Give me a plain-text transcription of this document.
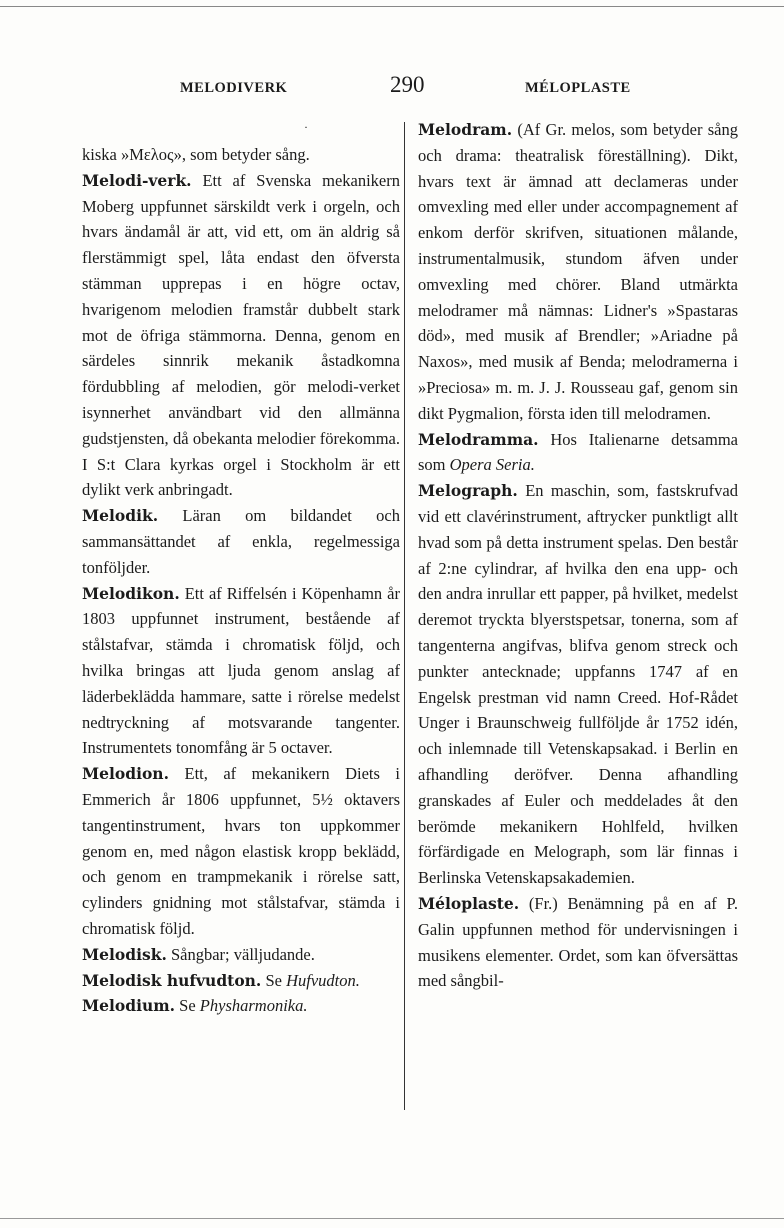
MELODIVERK	290	MÉLOPLASTE
·

kiska »Μελος», som betyder sång.

Melodi-verk. Ett af Svenska mekanikern Moberg uppfunnet särskildt verk i orgeln, och hvars ändamål är att, vid ett, om än aldrig så flerstämmigt spel, låta endast den öfversta stämman upprepas i en högre octav, hvarigenom melodien framstår dubbelt stark mot de öfriga stämmorna. Denna, genom en särdeles sinnrik mekanik åstadkomna fördubbling af melodien, gör melodi-verket isynnerhet användbart vid den allmänna gudstjensten, då obekanta melodier förekomma. I S:t Clara kyrkas orgel i Stockholm är ett dylikt verk anbringadt.

Melodik. Läran om bildandet och sammansättandet af enkla, regelmessiga tonföljder.

Melodikon. Ett af Riffelsén i Köpenhamn år 1803 uppfunnet instrument, bestående af stålstafvar, stämda i chromatisk följd, och hvilka bringas att ljuda genom anslag af läderbeklädda hammare, satte i rörelse medelst nedtryckning af motsvarande tangenter. Instrumentets tonomfång är 5 octaver.

Melodion. Ett, af mekanikern Diets i Emmerich år 1806 uppfunnet, 5½ oktavers tangentinstrument, hvars ton uppkommer genom en, med någon elastisk kropp beklädd, och genom en trampmekanik i rörelse satt, cylinders gnidning mot stålstafvar, stämda i chromatisk följd.

Melodisk. Sångbar; välljudande.

Melodisk hufvudton. Se Hufvudton.

Melodium. Se Physharmonika.

Melodram. (Af Gr. melos, som betyder sång och drama: theatralisk föreställning). Dikt, hvars text är ämnad att declameras under omvexling med eller under accompagnement af enkom derför skrifven, situationen målande, instrumentalmusik, stundom äfven under omvexling med chörer. Bland utmärkta melodramer må nämnas: Lidner's »Spastaras död», med musik af Brendler; »Ariadne på Naxos», med musik af Benda; melodramerna i »Preciosa» m. m. J. J. Rousseau gaf, genom sin dikt Pygmalion, första iden till melodramen.

Melodramma. Hos Italienarne detsamma som Opera Seria.

Melograph. En maschin, som, fastskrufvad vid ett clavérinstrument, aftrycker punktligt allt hvad som på detta instrument spelas. Den består af 2:ne cylindrar, af hvilka den ena upp- och den andra inrullar ett papper, på hvilket, medelst deremot tryckta blyerstspetsar, tonerna, som af tangenterna angifvas, blifva genom streck och punkter antecknade; uppfanns 1747 af en Engelsk prestman vid namn Creed. Hof-Rådet Unger i Braunschweig fullföljde år 1752 idén, och inlemnade till Vetenskapsakad. i Berlin en afhandling deröfver. Denna afhandling granskades af Euler och meddelades åt den berömde mekanikern Hohlfeld, hvilken förfärdigade en Melograph, som lär finnas i Berlinska Vetenskapsakademien.

Méloplaste. (Fr.) Benämning på en af P. Galin uppfunnen method för undervisningen i musikens elementer. Ordet, som kan öfversättas med sångbil-
